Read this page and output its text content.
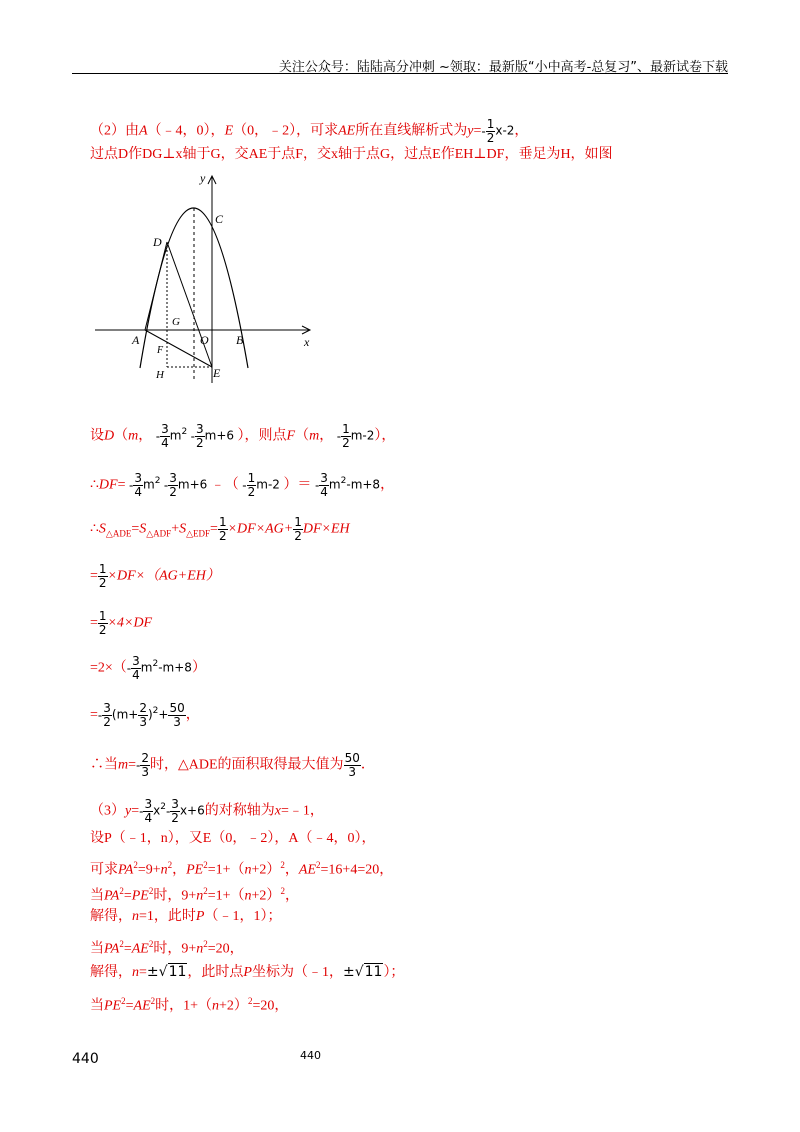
关注公众号：陆陆高分冲刺 ~领取：最新版“小中高考-总复习”、最新试卷下载
（2）由A（﹣4，0），E（0，﹣2），可求AE所在直线解析式为$y=- \frac{1}{2} x-2$，
过点D作DG⊥x轴于G，交AE于点F，交x轴于点G，过点E作EH⊥DF，垂足为H，如图
y
x
C
D
G
A
F
O B
H	E
设D（m， - $\frac{3}{4} m^2 - \frac{3}{2} m+6$ ），则点F（m， - $\frac{1}{2} m-2$），
∴DF= - $\frac{3}{4} m^2 - \frac{3}{2} m+6$ ﹣（ - $\frac{1}{2} m-2$ ）＝ - $\frac{3}{4} m^2-m+8$，
$\therefore S_{\triangle ADE}=S_{\triangle ADF}+S_{\triangle EDF}= \frac{1}{2} \times DF\times AG+ \frac{1}{2} DF\times EH$
= $\frac{1}{2} \times DF\times(AG+EH)$
= $\frac{1}{2} \times 4\times DF$
$=2\times(- \frac{3}{4} m^2-m+8)$
=- $\frac{3}{2} (m+ \frac{2}{3} )^2+ \frac{50}{3}$ ，
∴当$m=- \frac{2}{3}$ 时，△ADE的面积取得最大值为 $\frac{50}{3}$ ．
$(3)y=- \frac{3}{4} x^2- \frac{3}{2} x+6$的对称轴为x=﹣1，
设P（﹣1，n），又E（0，﹣2），A（﹣4，0），
可求$PA^2=9+n^2$，$PE^2=1+(n+2)^2$，$AE^2=16+4=20$，
当$PA^2=PE^2$时，$9+n^2=1+(n+2)^2$，
解得，n=1，此时P（﹣1，1）；
当$PA^2=AE^2$时，$9+n^2=20$，
解得，n=±√11，此时点P坐标为（﹣1，±√11）；
当$PE^2=AE^2$时，$1+(n+2)^2=20$，
440	440
